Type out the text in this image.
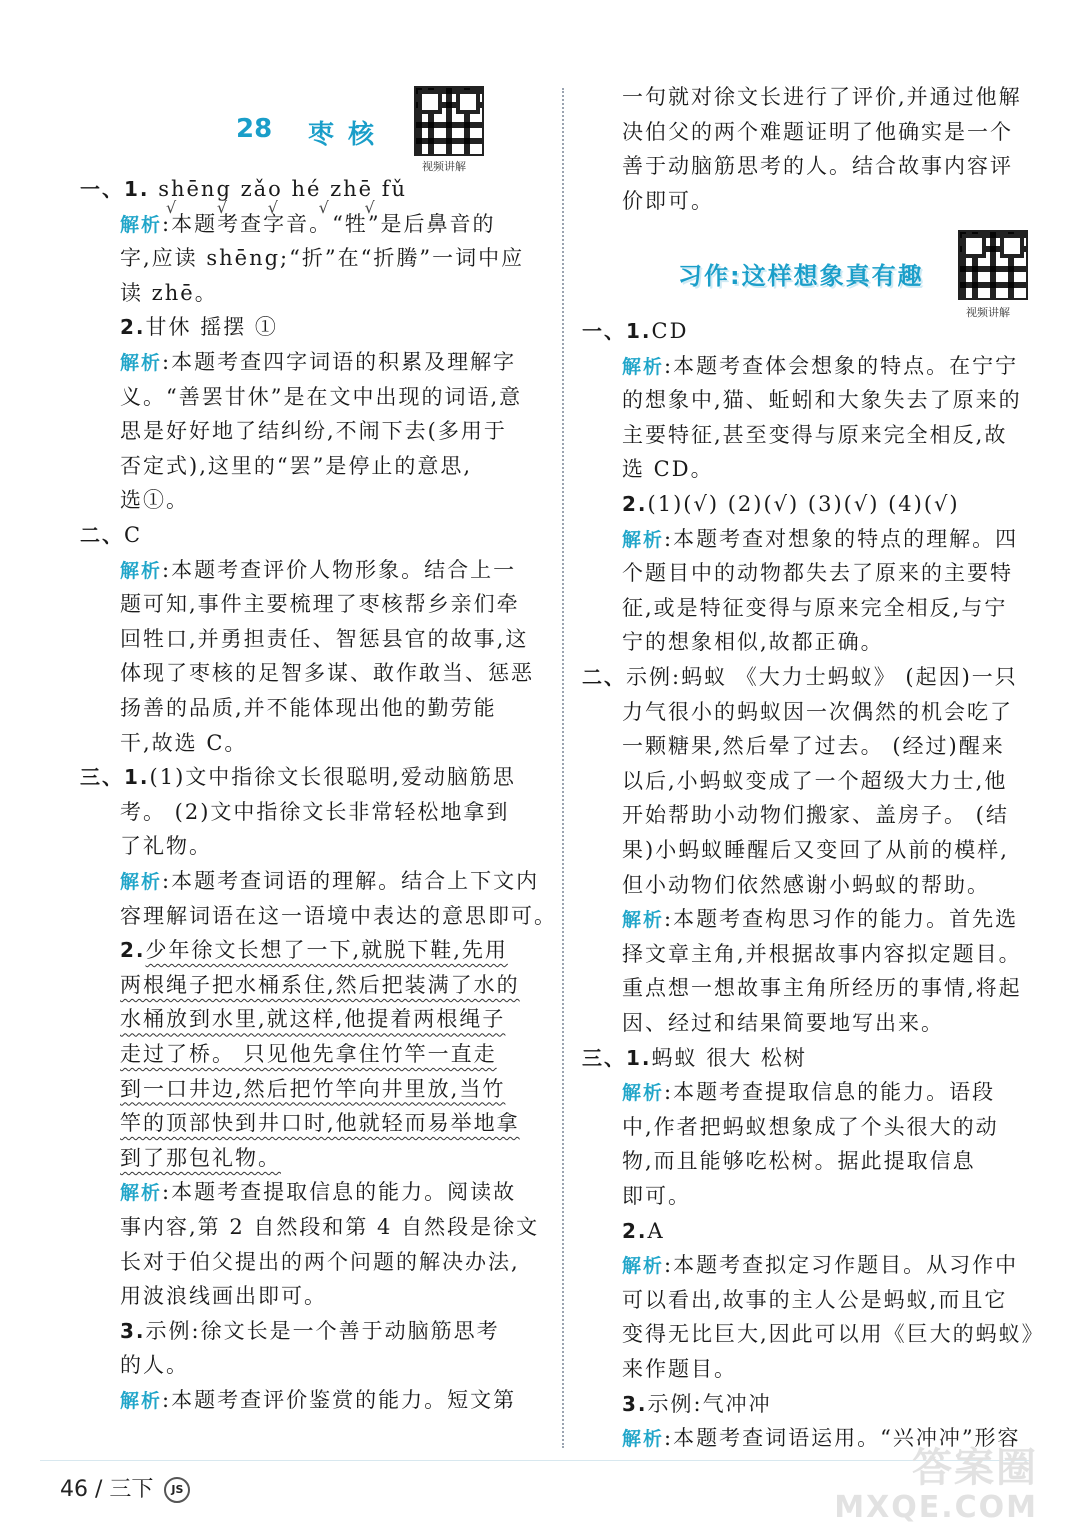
28 枣核
视频讲解
习作:这样想象真有趣
视频讲解
一、1. shēng zǎo hé zhē fǔ
解析:本题考查字音。“牲”是后鼻音的
字,应读 shēng;“折”在“折腾”一词中应
读 zhē。
2.甘休 摇摆 ①
解析:本题考查四字词语的积累及理解字
义。“善罢甘休”是在文中出现的词语,意
思是好好地了结纠纷,不闹下去(多用于
否定式),这里的“罢”是停止的意思,
选①。
二、C
解析:本题考查评价人物形象。结合上一
题可知,事件主要梳理了枣核帮乡亲们牵
回牲口,并勇担责任、智惩县官的故事,这
体现了枣核的足智多谋、敢作敢当、惩恶
扬善的品质,并不能体现出他的勤劳能
干,故选 C。
三、1.(1)文中指徐文长很聪明,爱动脑筋思
考。 (2)文中指徐文长非常轻松地拿到
了礼物。
解析:本题考查词语的理解。结合上下文内
容理解词语在这一语境中表达的意思即可。
2.少年徐文长想了一下,就脱下鞋,先用
两根绳子把水桶系住,然后把装满了水的
水桶放到水里,就这样,他提着两根绳子
走过了桥。 只见他先拿住竹竿一直走
到一口井边,然后把竹竿向井里放,当竹
竿的顶部快到井口时,他就轻而易举地拿
到了那包礼物。
解析:本题考查提取信息的能力。阅读故
事内容,第 2 自然段和第 4 自然段是徐文
长对于伯父提出的两个问题的解决办法,
用波浪线画出即可。
3.示例:徐文长是一个善于动脑筋思考
的人。
解析:本题考查评价鉴赏的能力。短文第
一句就对徐文长进行了评价,并通过他解
决伯父的两个难题证明了他确实是一个
善于动脑筋思考的人。结合故事内容评
价即可。
一、1.CD
解析:本题考查体会想象的特点。在宁宁
的想象中,猫、蚯蚓和大象失去了原来的
主要特征,甚至变得与原来完全相反,故
选 CD。
2.(1)(√) (2)(√) (3)(√) (4)(√)
解析:本题考查对想象的特点的理解。四
个题目中的动物都失去了原来的主要特
征,或是特征变得与原来完全相反,与宁
宁的想象相似,故都正确。
二、示例:蚂蚁 《大力士蚂蚁》 (起因)一只
力气很小的蚂蚁因一次偶然的机会吃了
一颗糖果,然后晕了过去。 (经过)醒来
以后,小蚂蚁变成了一个超级大力士,他
开始帮助小动物们搬家、盖房子。 (结
果)小蚂蚁睡醒后又变回了从前的模样,
但小动物们依然感谢小蚂蚁的帮助。
解析:本题考查构思习作的能力。首先选
择文章主角,并根据故事内容拟定题目。
重点想一想故事主角所经历的事情,将起
因、经过和结果简要地写出来。
三、1.蚂蚁 很大 松树
解析:本题考查提取信息的能力。语段
中,作者把蚂蚁想象成了个头很大的动
物,而且能够吃松树。据此提取信息
即可。
2.A
解析:本题考查拟定习作题目。从习作中
可以看出,故事的主人公是蚂蚁,而且它
变得无比巨大,因此可以用《巨大的蚂蚁》
来作题目。
3.示例:气冲冲
解析:本题考查词语运用。“兴冲冲”形容
√        √        √        √       √
46 / 三下 JS	答案圈
MXQE.COM
